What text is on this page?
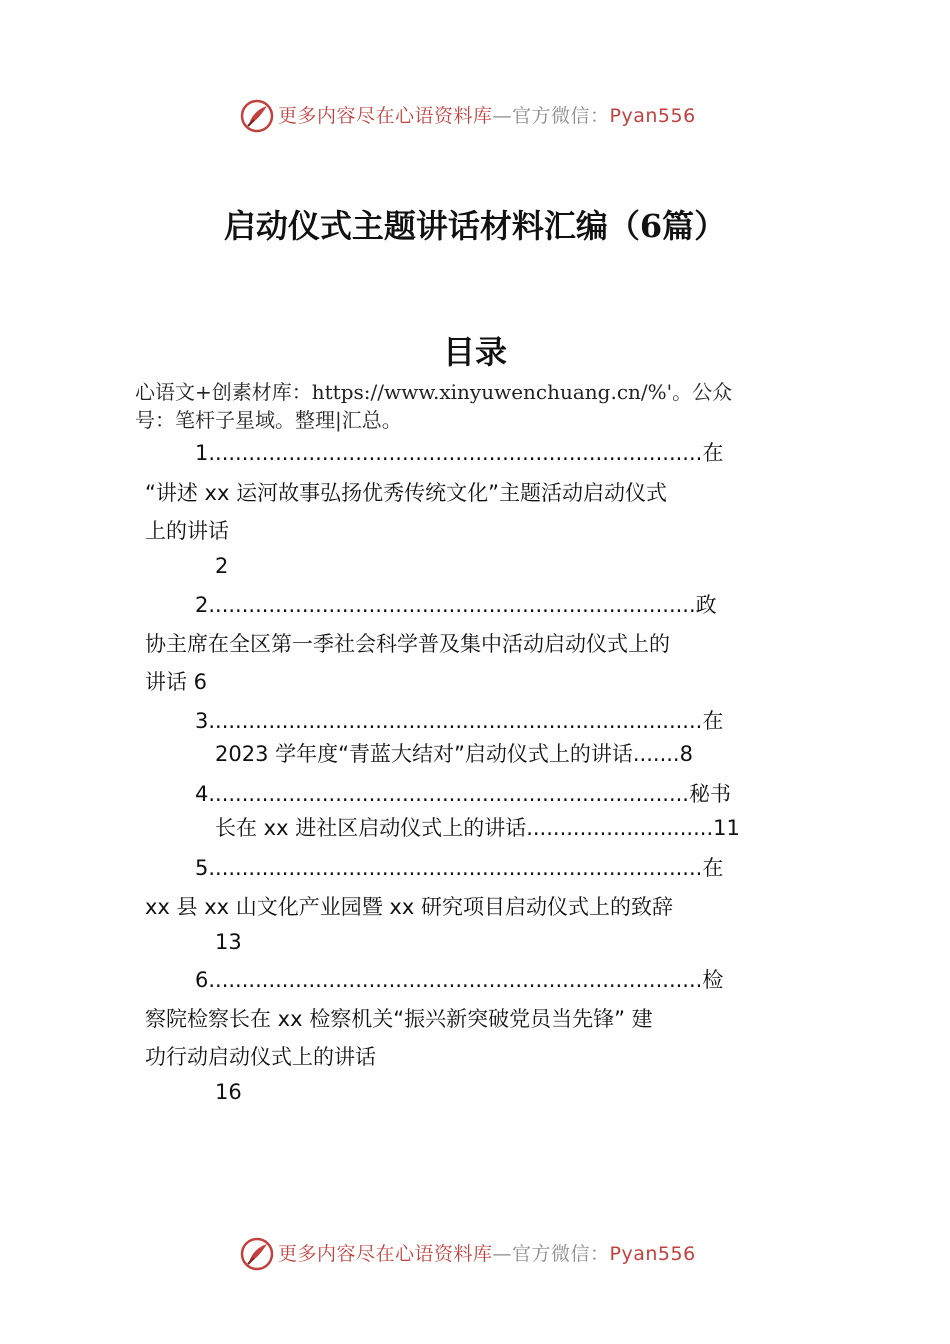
更多内容尽在心语资料库—官方微信：Pyan556
启动仪式主题讲话材料汇编（6篇）
目录
心语文+创素材库：https://www.xinyuwenchuang.cn/%'。公众
号：笔杆子星域。整理|汇总。
1..........................................................................在
“讲述 xx 运河故事弘扬优秀传统文化”主题活动启动仪式
上的讲话
2
2.........................................................................政
协主席在全区第一季社会科学普及集中活动启动仪式上的
讲话 6
3..........................................................................在
2023 学年度“青蓝大结对”启动仪式上的讲话.......8
4........................................................................秘书
长在 xx 进社区启动仪式上的讲话............................11
5..........................................................................在
xx 县 xx 山文化产业园暨 xx 研究项目启动仪式上的致辞
13
6..........................................................................检
察院检察长在 xx 检察机关“振兴新突破党员当先锋” 建
功行动启动仪式上的讲话
16
更多内容尽在心语资料库—官方微信：Pyan556
